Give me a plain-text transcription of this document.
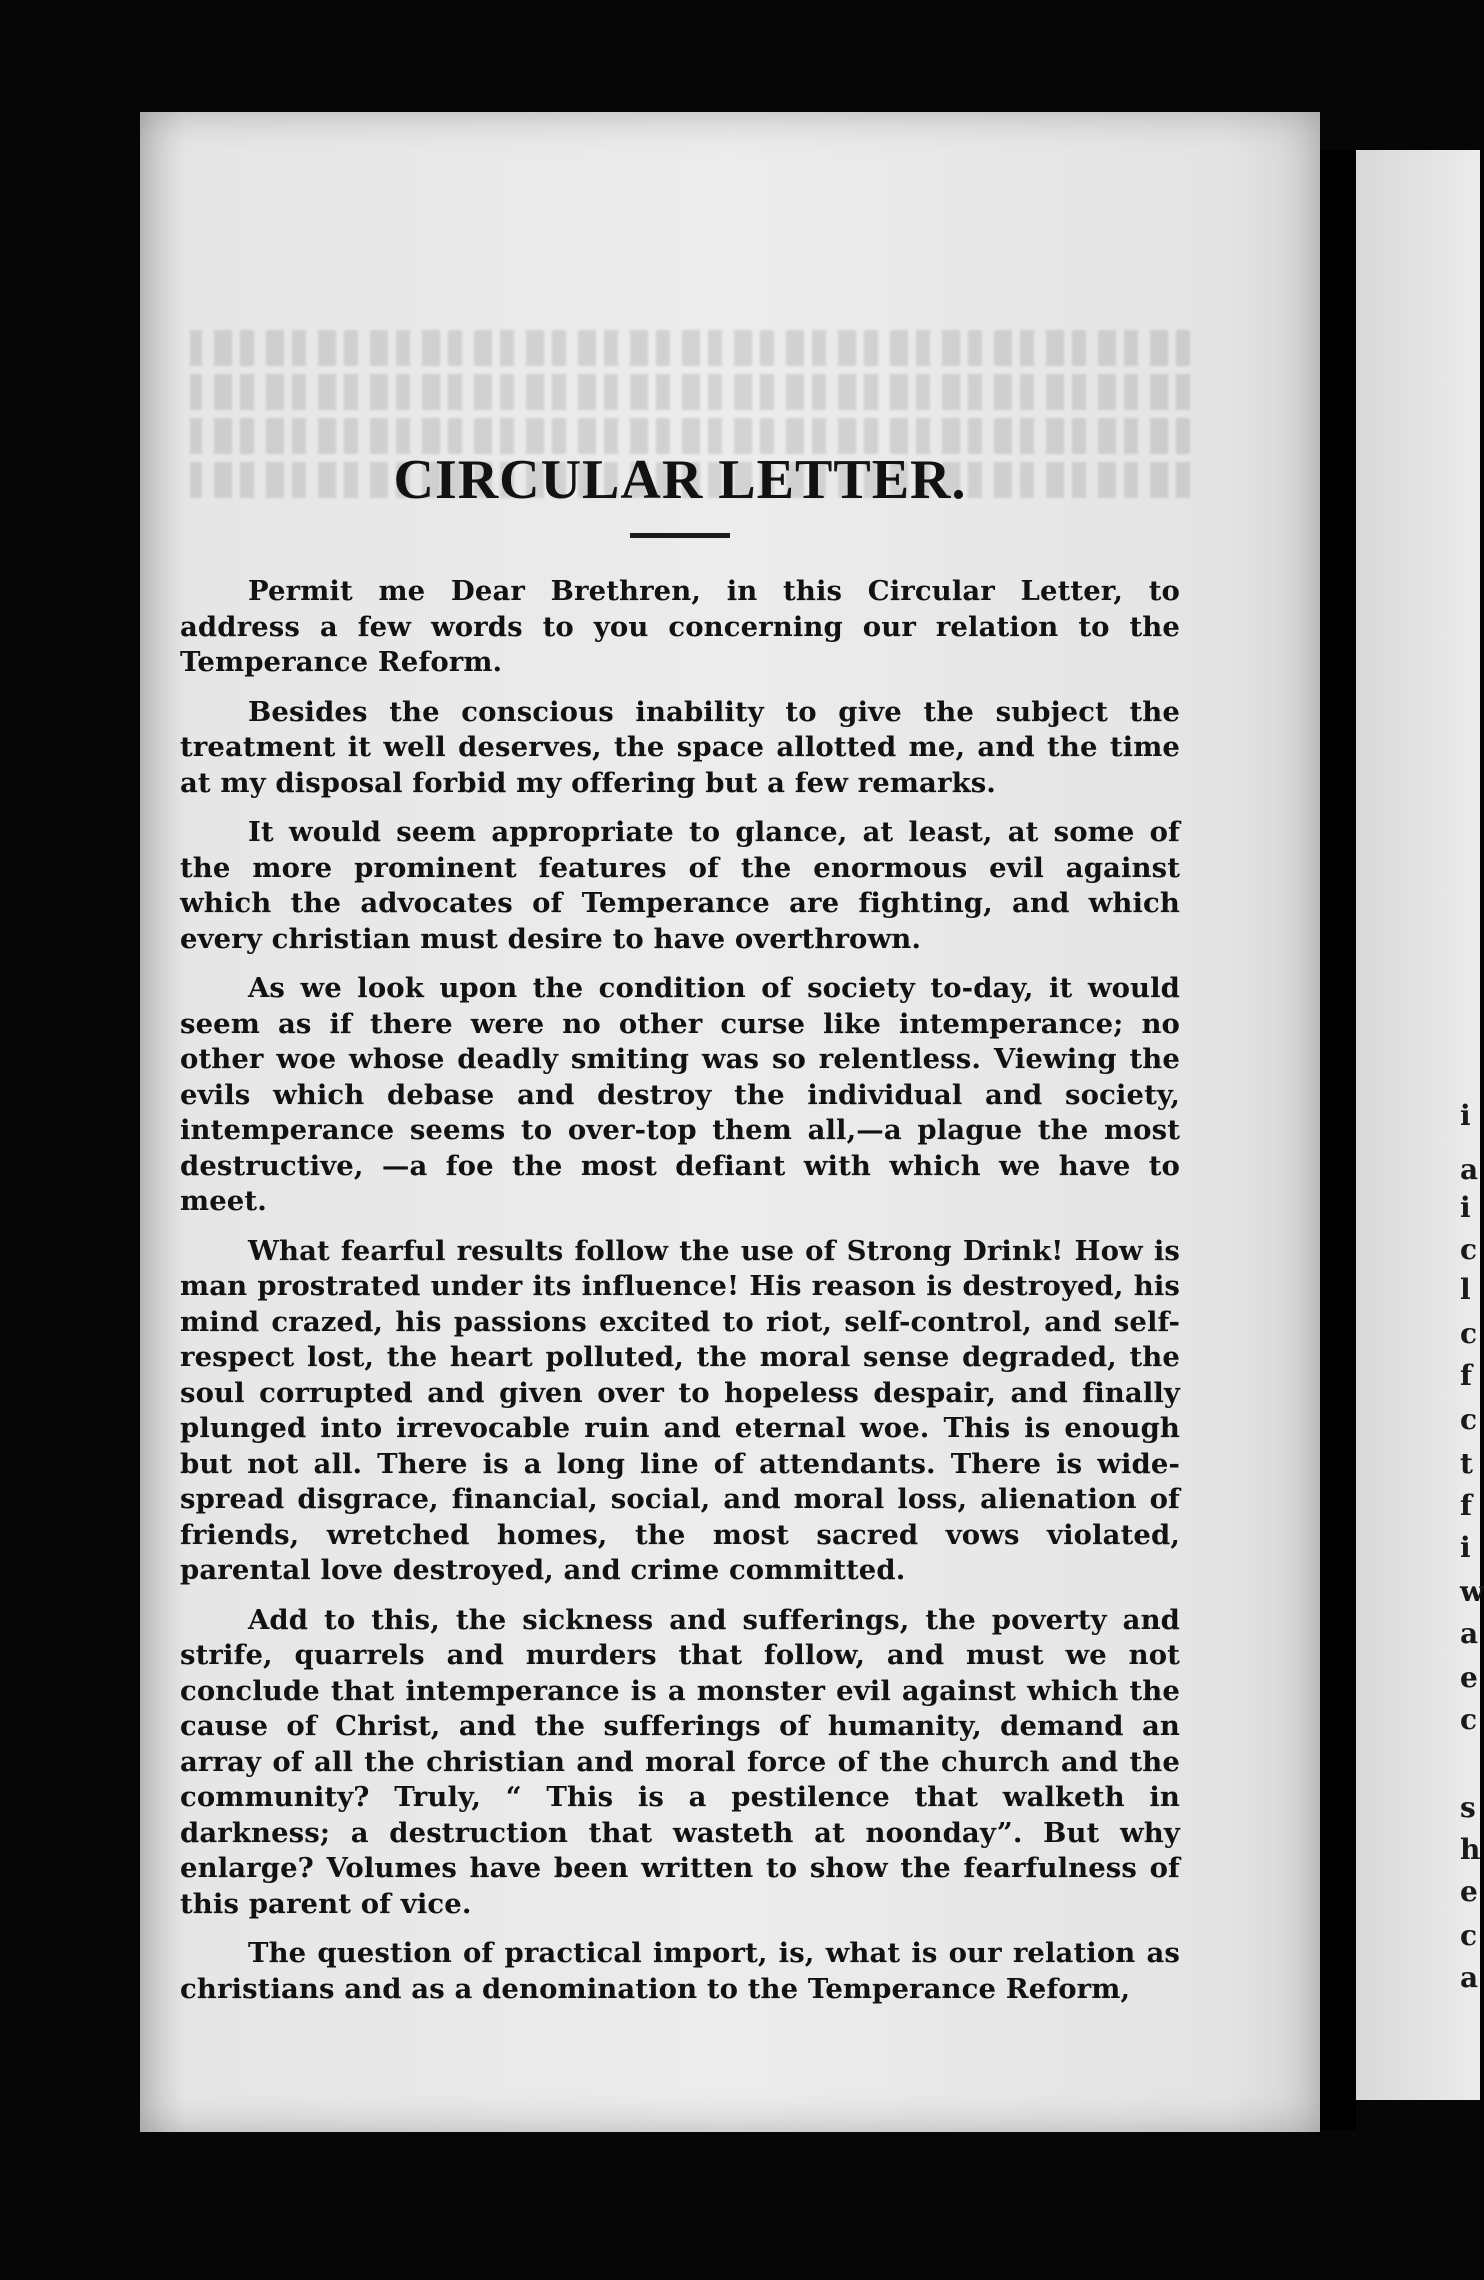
CIRCULAR LETTER.

Permit me Dear Brethren, in this Circular Letter, to address a few words to you concerning our relation to the Temperance Reform.

Besides the conscious inability to give the subject the treatment it well deserves, the space allotted me, and the time at my disposal forbid my offering but a few remarks.

It would seem appropriate to glance, at least, at some of the more prominent features of the enormous evil against which the advocates of Temperance are fighting, and which every christian must desire to have overthrown.

As we look upon the condition of society to-day, it would seem as if there were no other curse like intemperance; no other woe whose deadly smiting was so relentless. Viewing the evils which debase and destroy the individual and society, intemperance seems to over-top them all,—a plague the most destructive, —a foe the most defiant with which we have to meet.

What fearful results follow the use of Strong Drink! How is man prostrated under its influence! His reason is destroyed, his mind crazed, his passions excited to riot, self-control, and self-respect lost, the heart polluted, the moral sense degraded, the soul corrupted and given over to hopeless despair, and finally plunged into irrevocable ruin and eternal woe. This is enough but not all. There is a long line of attendants. There is wide-spread disgrace, financial, social, and moral loss, alienation of friends, wretched homes, the most sacred vows violated, parental love destroyed, and crime committed.

Add to this, the sickness and sufferings, the poverty and strife, quarrels and murders that follow, and must we not conclude that intemperance is a monster evil against which the cause of Christ, and the sufferings of humanity, demand an array of all the christian and moral force of the church and the community? Truly, “ This is a pestilence that walketh in darkness; a destruction that wasteth at noonday”. But why enlarge? Volumes have been written to show the fearfulness of this parent of vice.

The question of practical import, is, what is our relation as christians and as a denomination to the Temperance Reform,

i
a
i
c
l
c
f
c
t
f
i
w
a
e
c
s
h
e
c
a
